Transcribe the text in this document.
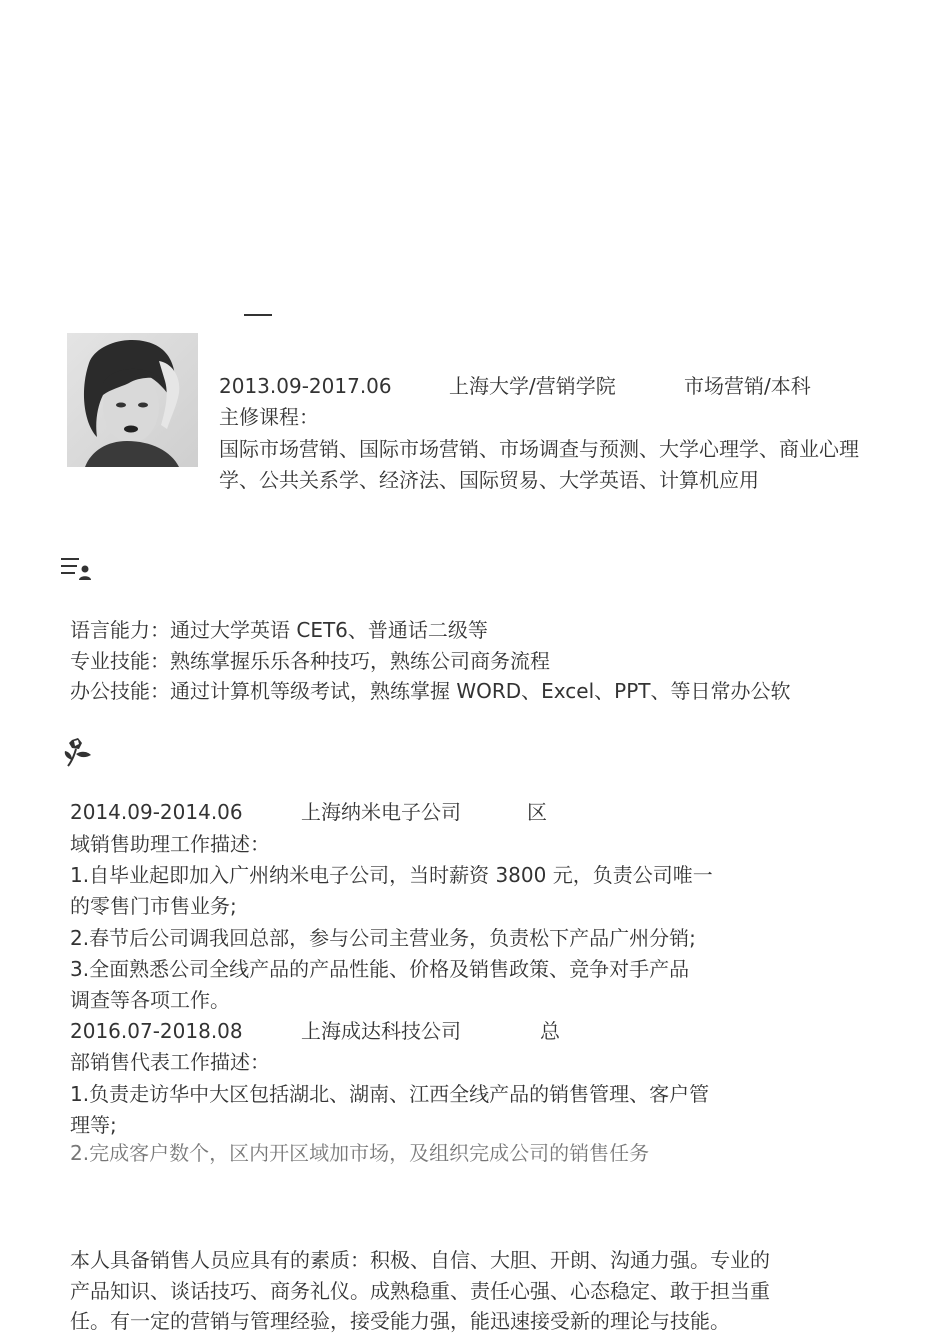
2013.09-2017.06	上海大学/营销学院	市场营销/本科
主修课程：
国际市场营销、国际市场营销、市场调查与预测、大学心理学、商业心理
学、公共关系学、经济法、国际贸易、大学英语、计算机应用
语言能力：通过大学英语 CET6、普通话二级等
专业技能：熟练掌握乐乐各种技巧，熟练公司商务流程
办公技能：通过计算机等级考试，熟练掌握 WORD、Excel、PPT、等日常办公软
2014.09-2014.06	上海纳米电子公司	区
域销售助理工作描述：
1.自毕业起即加入广州纳米电子公司，当时薪资 3800 元，负责公司唯一
的零售门市售业务;
2.春节后公司调我回总部，参与公司主营业务，负责松下产品广州分销;
3.全面熟悉公司全线产品的产品性能、价格及销售政策、竞争对手产品
调查等各项工作。
2016.07-2018.08	上海成达科技公司	总
部销售代表工作描述：
1.负责走访华中大区包括湖北、湖南、江西全线产品的销售管理、客户管
理等;
2.完成客户数个，区内开区域加市场，及组织完成公司的销售任务
本人具备销售人员应具有的素质：积极、自信、大胆、开朗、沟通力强。专业的
产品知识、谈话技巧、商务礼仪。成熟稳重、责任心强、心态稳定、敢于担当重
任。有一定的营销与管理经验，接受能力强，能迅速接受新的理论与技能。
